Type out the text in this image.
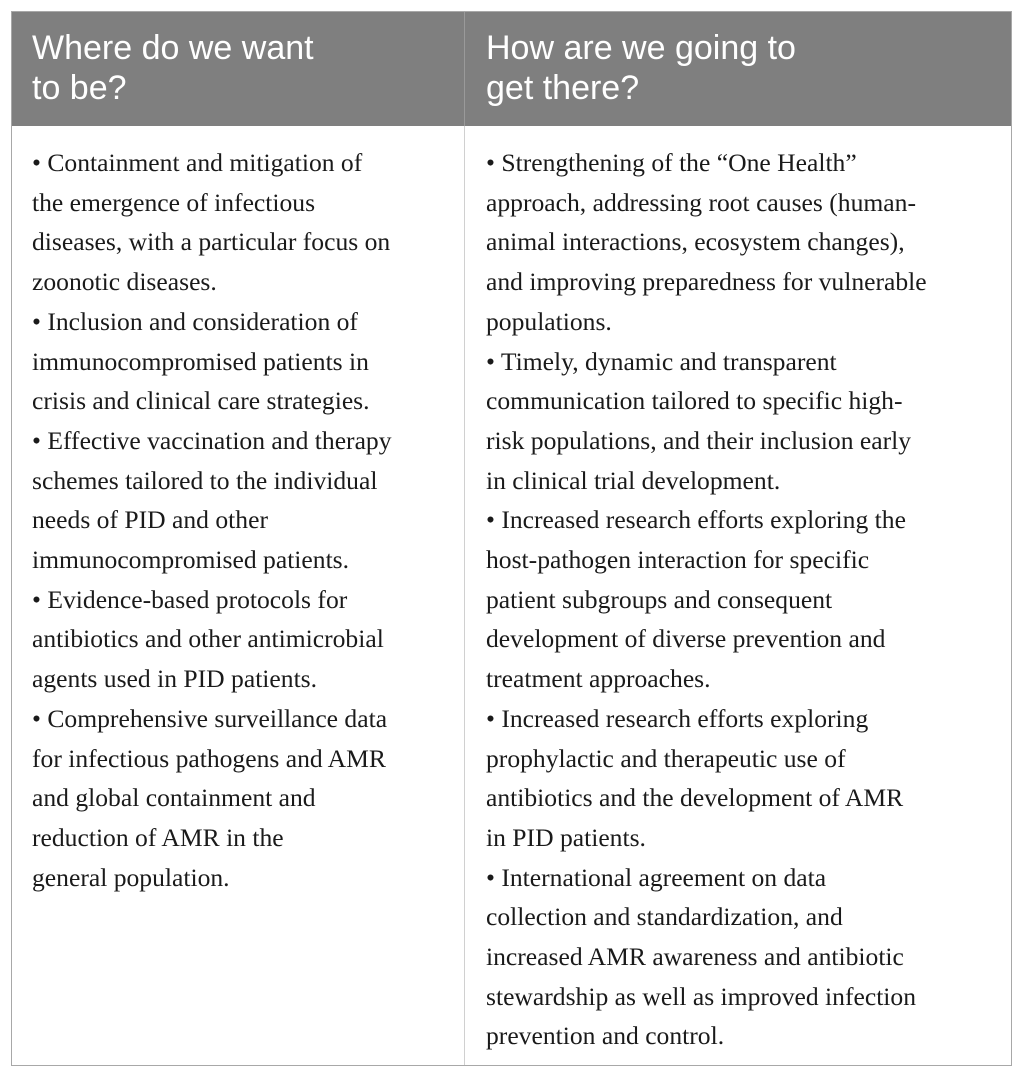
Where do we want
to be?
How are we going to
get there?
• Containment and mitigation of
the emergence of infectious
diseases, with a particular focus on
zoonotic diseases.
• Inclusion and consideration of
immunocompromised patients in
crisis and clinical care strategies.
• Effective vaccination and therapy
schemes tailored to the individual
needs of PID and other
immunocompromised patients.
• Evidence-based protocols for
antibiotics and other antimicrobial
agents used in PID patients.
• Comprehensive surveillance data
for infectious pathogens and AMR
and global containment and
reduction of AMR in the
general population.
• Strengthening of the “One Health”
approach, addressing root causes (human-
animal interactions, ecosystem changes),
and improving preparedness for vulnerable
populations.
• Timely, dynamic and transparent
communication tailored to specific high-
risk populations, and their inclusion early
in clinical trial development.
• Increased research efforts exploring the
host-pathogen interaction for specific
patient subgroups and consequent
development of diverse prevention and
treatment approaches.
• Increased research efforts exploring
prophylactic and therapeutic use of
antibiotics and the development of AMR
in PID patients.
• International agreement on data
collection and standardization, and
increased AMR awareness and antibiotic
stewardship as well as improved infection
prevention and control.
